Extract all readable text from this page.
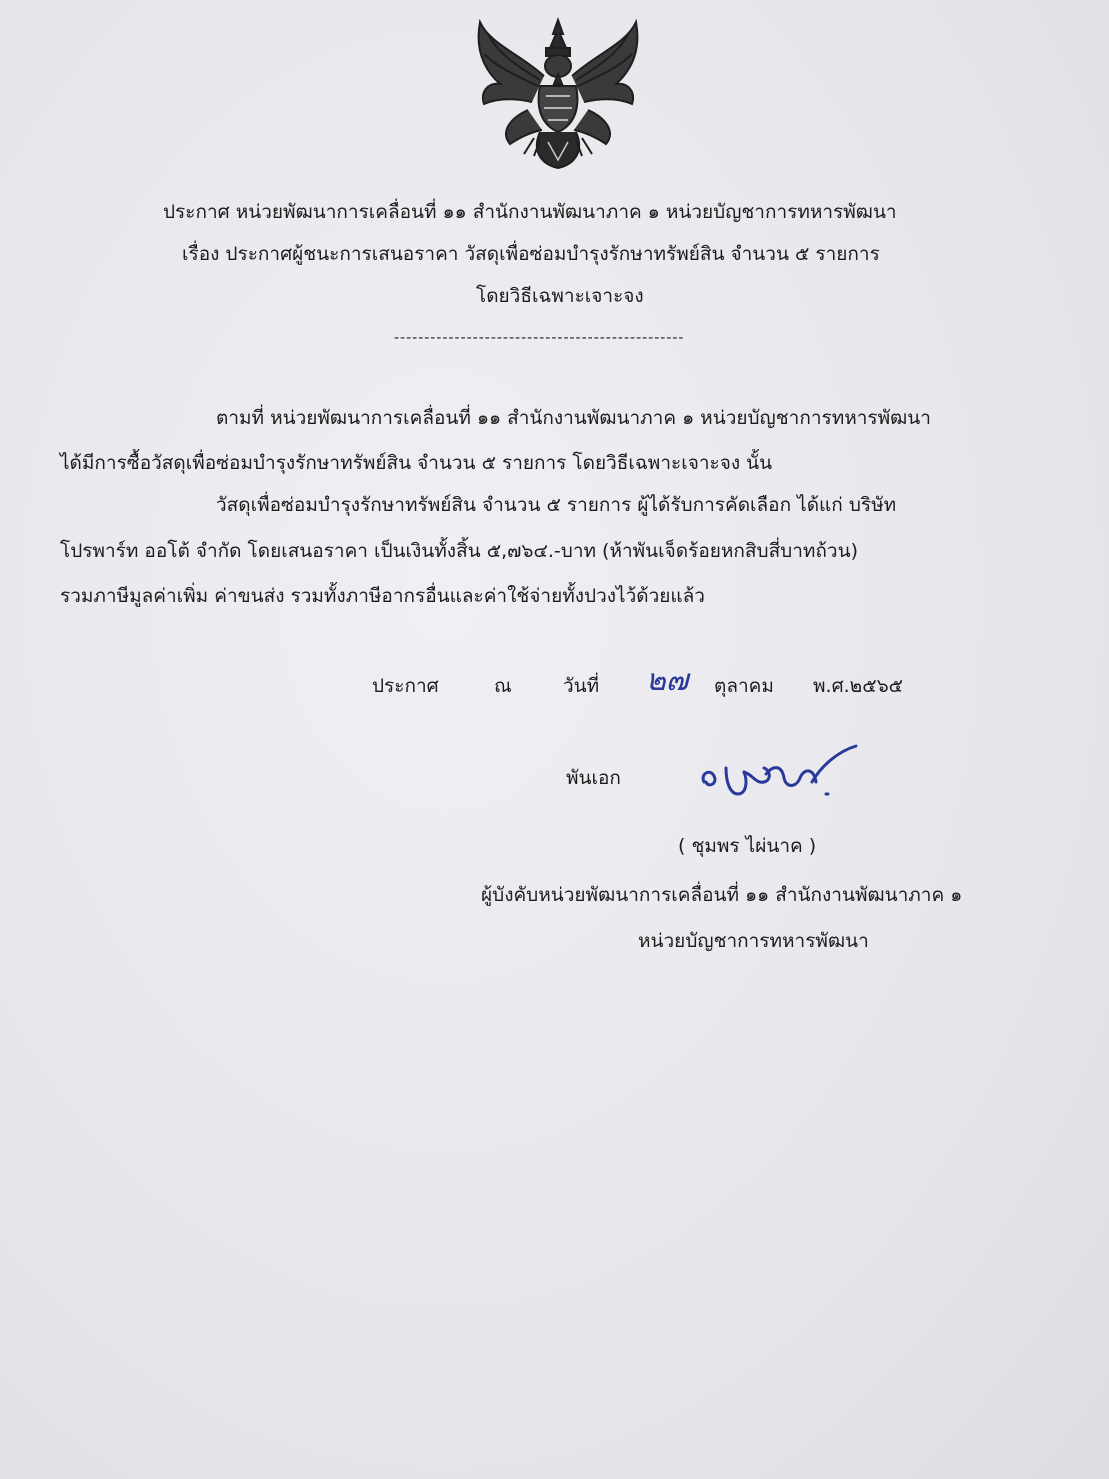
ประกาศ หน่วยพัฒนาการเคลื่อนที่ ๑๑ สำนักงานพัฒนาภาค ๑ หน่วยบัญชาการทหารพัฒนา
เรื่อง ประกาศผู้ชนะการเสนอราคา วัสดุเพื่อซ่อมบำรุงรักษาทรัพย์สิน จำนวน ๕ รายการ
โดยวิธีเฉพาะเจาะจง
------------------------------------------------
ตามที่ หน่วยพัฒนาการเคลื่อนที่ ๑๑ สำนักงานพัฒนาภาค ๑ หน่วยบัญชาการทหารพัฒนา
ได้มีการซื้อวัสดุเพื่อซ่อมบำรุงรักษาทรัพย์สิน จำนวน ๕ รายการ โดยวิธีเฉพาะเจาะจง นั้น
วัสดุเพื่อซ่อมบำรุงรักษาทรัพย์สิน จำนวน ๕ รายการ ผู้ได้รับการคัดเลือก ได้แก่ บริษัท
โปรพาร์ท ออโต้ จำกัด โดยเสนอราคา เป็นเงินทั้งสิ้น ๕,๗๖๔.-บาท (ห้าพันเจ็ดร้อยหกสิบสี่บาทถ้วน)
รวมภาษีมูลค่าเพิ่ม ค่าขนส่ง รวมทั้งภาษีอากรอื่นและค่าใช้จ่ายทั้งปวงไว้ด้วยแล้ว
ประกาศ	ณ	วันที่ ๒๗ ตุลาคม พ.ศ.๒๕๖๕
พันเอก
( ชุมพร ไผ่นาค )
ผู้บังคับหน่วยพัฒนาการเคลื่อนที่ ๑๑ สำนักงานพัฒนาภาค ๑
หน่วยบัญชาการทหารพัฒนา
